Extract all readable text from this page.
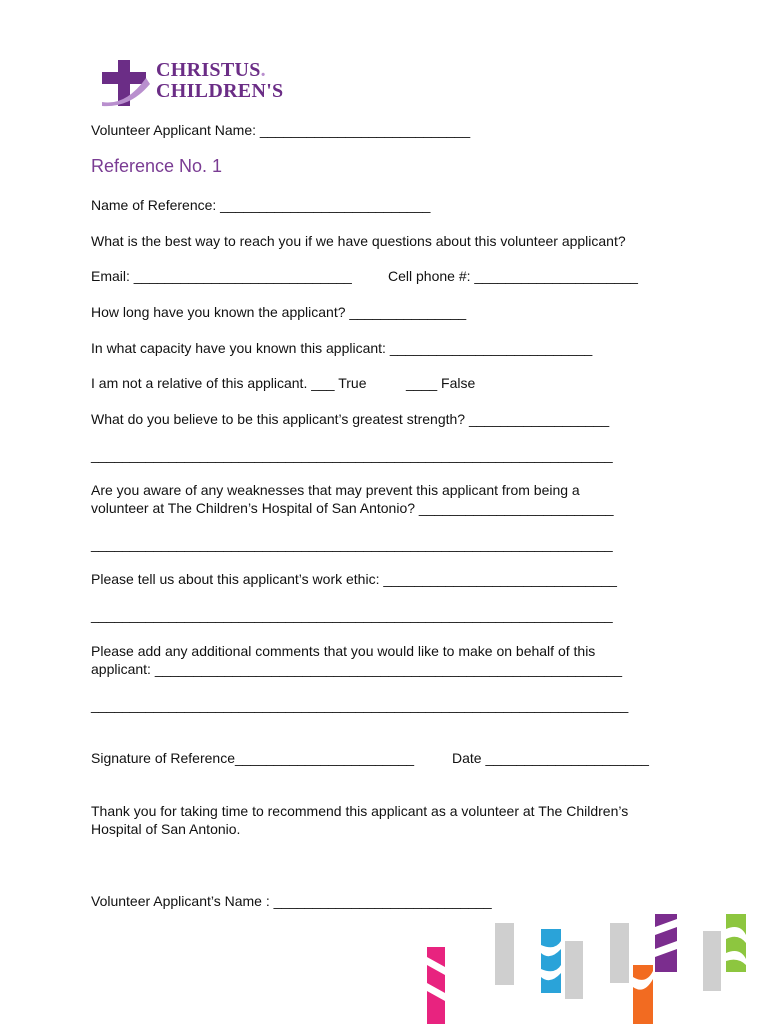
CHRISTUS.
CHILDREN'S
Volunteer Applicant Name: ___________________________
Reference No. 1
Name of Reference: ___________________________
What is the best way to reach you if we have questions about this volunteer applicant?
Email: ____________________________	Cell phone #: _____________________
How long have you known the applicant? _______________
In what capacity have you known this applicant: __________________________
I am not a relative of this applicant. ___ True	____ False
What do you believe to be this applicant’s greatest strength? __________________
___________________________________________________________________
Are you aware of any weaknesses that may prevent this applicant from being a
volunteer at The Children’s Hospital of San Antonio? _________________________
___________________________________________________________________
Please tell us about this applicant’s work ethic: ______________________________
___________________________________________________________________
Please add any additional comments that you would like to make on behalf of this
applicant: ____________________________________________________________
_____________________________________________________________________
Signature of Reference_______________________	Date _____________________
Thank you for taking time to recommend this applicant as a volunteer at The Children’s
Hospital of San Antonio.
Volunteer Applicant’s Name : ____________________________
